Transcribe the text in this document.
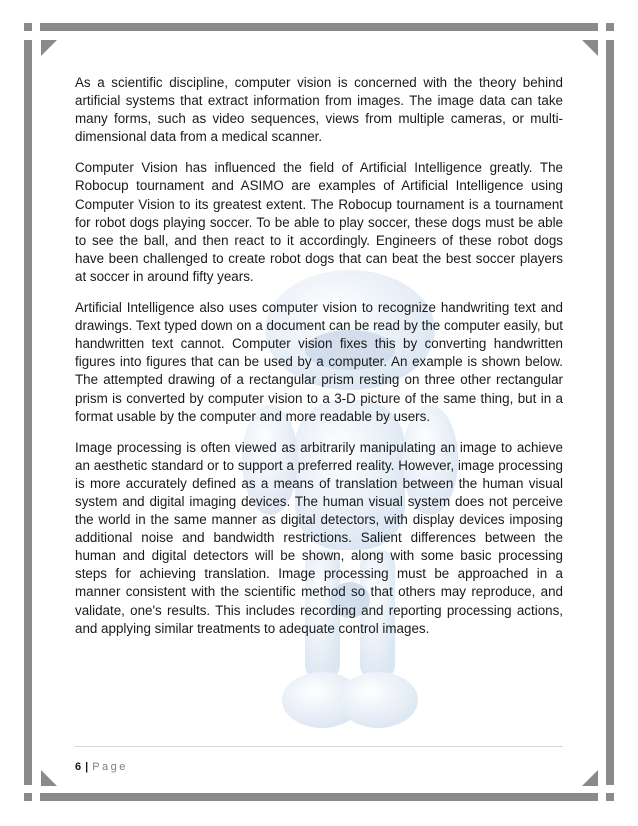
As a scientific discipline, computer vision is concerned with the theory behind artificial systems that extract information from images. The image data can take many forms, such as video sequences, views from multiple cameras, or multi-dimensional data from a medical scanner.

Computer Vision has influenced the field of Artificial Intelligence greatly. The Robocup tournament and ASIMO are examples of Artificial Intelligence using Computer Vision to its greatest extent. The Robocup tournament is a tournament for robot dogs playing soccer. To be able to play soccer, these dogs must be able to see the ball, and then react to it accordingly. Engineers of these robot dogs have been challenged to create robot dogs that can beat the best soccer players at soccer in around fifty years.

Artificial Intelligence also uses computer vision to recognize handwriting text and drawings. Text typed down on a document can be read by the computer easily, but handwritten text cannot. Computer vision fixes this by converting handwritten figures into figures that can be used by a computer. An example is shown below. The attempted drawing of a rectangular prism resting on three other rectangular prism is converted by computer vision to a 3-D picture of the same thing, but in a format usable by the computer and more readable by users.

Image processing is often viewed as arbitrarily manipulating an image to achieve an aesthetic standard or to support a preferred reality. However, image processing is more accurately defined as a means of translation between the human visual system and digital imaging devices. The human visual system does not perceive the world in the same manner as digital detectors, with display devices imposing additional noise and bandwidth restrictions. Salient differences between the human and digital detectors will be shown, along with some basic processing steps for achieving translation. Image processing must be approached in a manner consistent with the scientific method so that others may reproduce, and validate, one's results. This includes recording and reporting processing actions, and applying similar treatments to adequate control images.

6 | Page
